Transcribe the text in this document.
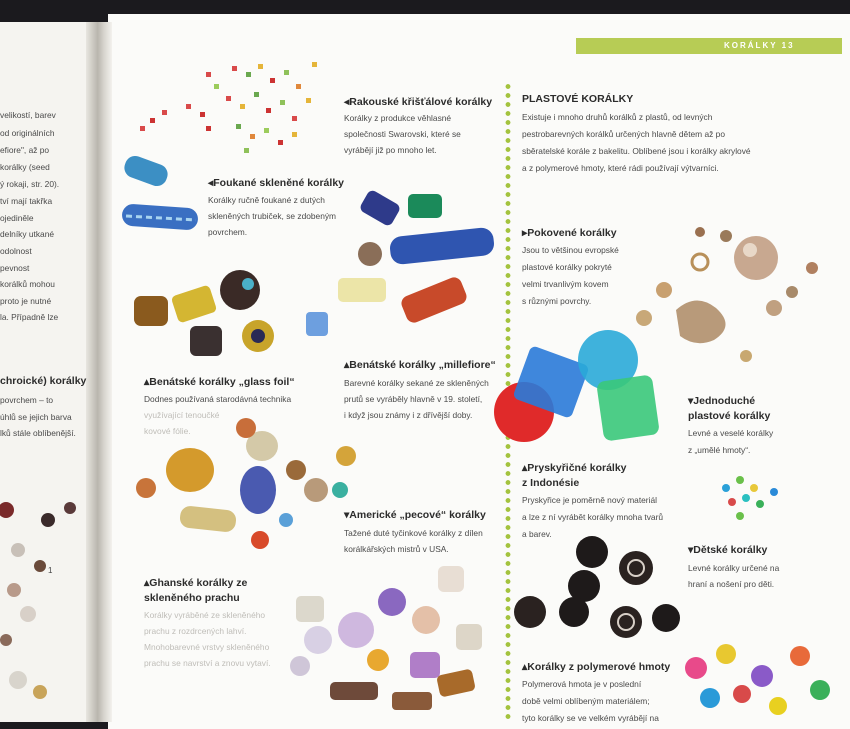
velikostí, barev
od originálních
efiore", až po
korálky (seed
ý rokaji, str. 20).
tví mají takřka
ojediněle
delníky utkané
odolnost
pevnost
korálků mohou
proto je nutné
la. Případně lze
chroické) korálky
povrchem – to
úhlů se jejich barva
lků stále oblíbenější.
1
KORÁLKY 13
◂Rakouské křišťálové korálky
Korálky z produkce věhlasné
společnosti Swarovski, které se
vyrábějí již po mnoho let.
◂Foukané skleněné korálky
Korálky ručně foukané z dutých
skleněných trubiček, se zdobeným
povrchem.
▴Benátské korálky „glass foil“
Dodnes používaná starodávná technika
využívající tenoučké
kovové fólie.
▴Benátské korálky „millefiore“
Barevné korálky sekané ze skleněných
prutů se vyráběly hlavně v 19. století,
i když jsou známy i z dřívější doby.
▾Americké „pecové“ korálky
Tažené duté tyčinkové korálky z dílen
korálkářských mistrů v USA.
▴Ghanské korálky ze
skleněného prachu
Korálky vyráběné ze skleněného
prachu z rozdrcených lahví.
Mnohobarevné vrstvy skleněného
prachu se navrství a znovu vytaví.
PLASTOVÉ KORÁLKY
Existuje i mnoho druhů korálků z plastů, od levných
pestrobarevných korálků určených hlavně dětem až po
sběratelské korále z bakelitu. Oblíbené jsou i korálky akrylové
a z polymerové hmoty, které rádi používají výtvarníci.
▸Pokovené korálky
Jsou to většinou evropské
plastové korálky pokryté
velmi trvanlivým kovem
s různými povrchy.
▾Jednoduché
plastové korálky
Levné a veselé korálky
z „umělé hmoty“.
▴Pryskyřičné korálky
z Indonésie
Pryskyřice je poměrně nový materiál
a lze z ní vyrábět korálky mnoha tvarů
a barev.
▾Dětské korálky
Levné korálky určené na
hraní a nošení pro děti.
▴Korálky z polymerové hmoty
Polymerová hmota je v poslední
době velmi oblíbeným materiálem;
tyto korálky se ve velkém vyrábějí na
